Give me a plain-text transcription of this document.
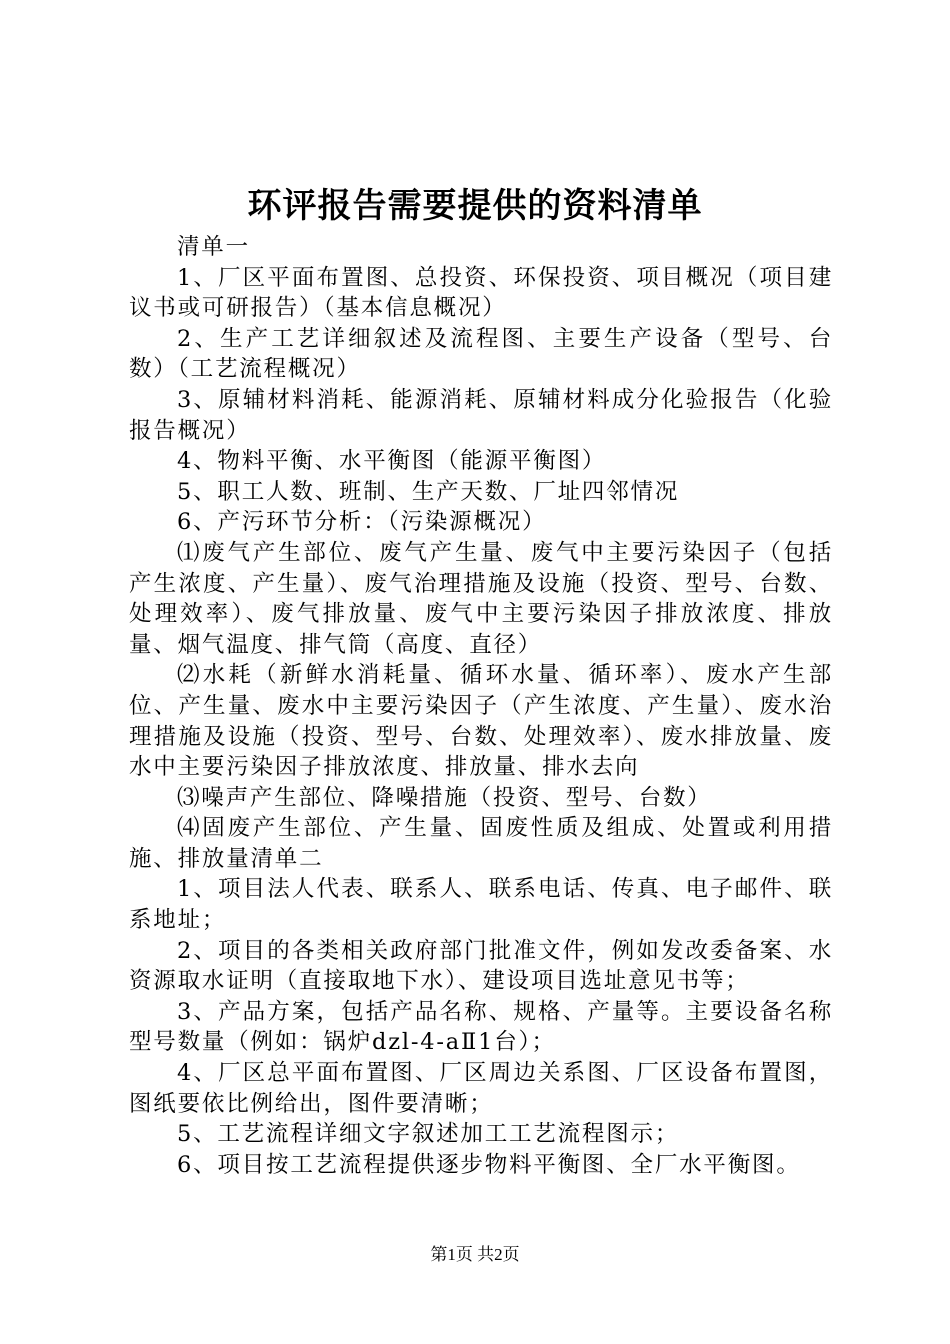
环评报告需要提供的资料清单

清单一

1、厂区平面布置图、总投资、环保投资、项目概况（项目建议书或可研报告）（基本信息概况）

2、生产工艺详细叙述及流程图、主要生产设备（型号、台数）（工艺流程概况）

3、原辅材料消耗、能源消耗、原辅材料成分化验报告（化验报告概况）

4、物料平衡、水平衡图（能源平衡图）

5、职工人数、班制、生产天数、厂址四邻情况

6、产污环节分析：（污染源概况）

⑴废气产生部位、废气产生量、废气中主要污染因子（包括产生浓度、产生量）、废气治理措施及设施（投资、型号、台数、处理效率）、废气排放量、废气中主要污染因子排放浓度、排放量、烟气温度、排气筒（高度、直径）

⑵水耗（新鲜水消耗量、循环水量、循环率）、废水产生部位、产生量、废水中主要污染因子（产生浓度、产生量）、废水治理措施及设施（投资、型号、台数、处理效率）、废水排放量、废水中主要污染因子排放浓度、排放量、排水去向

⑶噪声产生部位、降噪措施（投资、型号、台数）

⑷固废产生部位、产生量、固废性质及组成、处置或利用措施、排放量清单二

1、项目法人代表、联系人、联系电话、传真、电子邮件、联系地址；

2、项目的各类相关政府部门批准文件，例如发改委备案、水资源取水证明（直接取地下水）、建设项目选址意见书等；

3、产品方案，包括产品名称、规格、产量等。主要设备名称型号数量（例如：锅炉dzl-4-aⅡ1台）；

4、厂区总平面布置图、厂区周边关系图、厂区设备布置图，图纸要依比例给出，图件要清晰；

5、工艺流程详细文字叙述加工工艺流程图示；

6、项目按工艺流程提供逐步物料平衡图、全厂水平衡图。

第1页 共2页
